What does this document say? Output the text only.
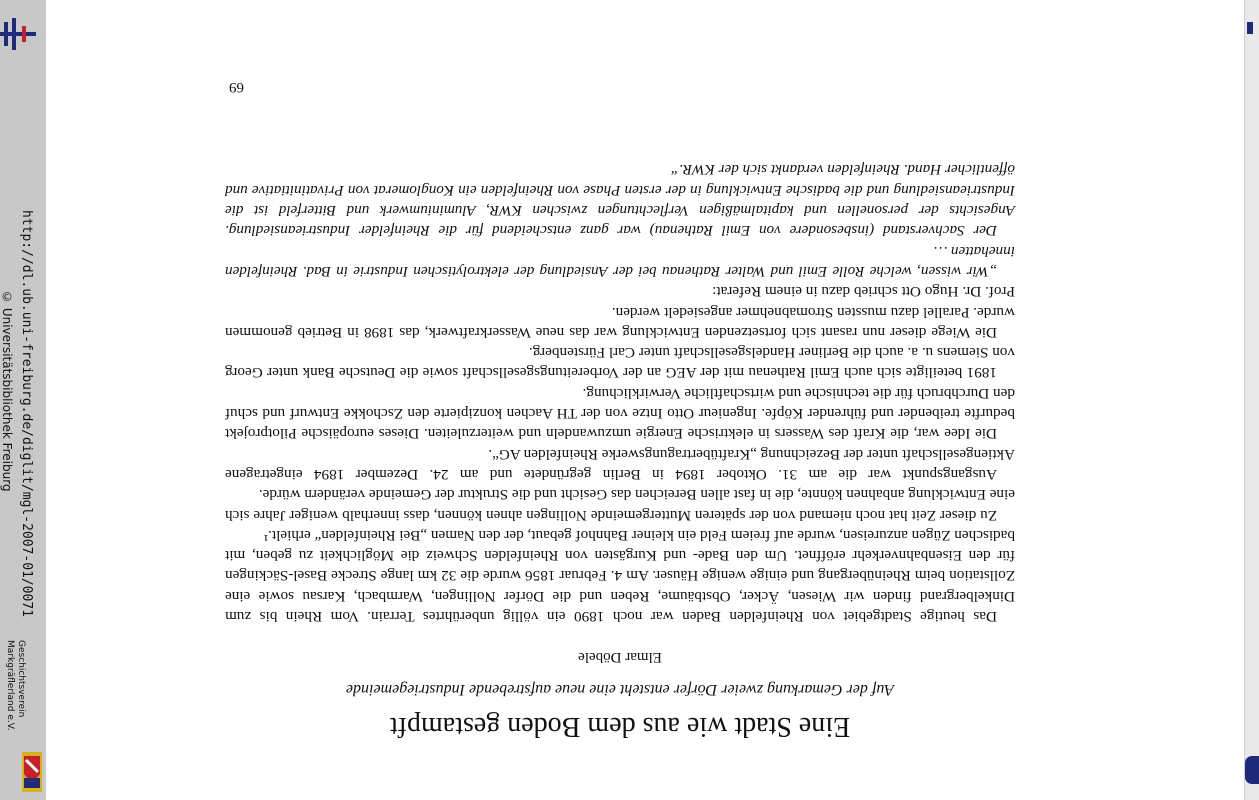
© Universitätsbibliothek Freiburg http://dl.ub.uni-freiburg.de/diglit/mgl-2007-01/0071
Geschichtsverein
Markgräflerland e.V.	Eine Stadt wie aus dem Boden gestampft
Auf der Gemarkung zweier Dörfer entsteht eine neue aufstrebende Industriegemeinde
Elmar Döbele

Das heutige Stadtgebiet von Rheinfelden Baden war noch 1890 ein völlig unberührtes Terrain. Vom Rhein bis zum Dinkelbergrand finden wir Wiesen, Äcker, Obstbäume, Reben und die Dörfer Nollingen, Warmbach, Karsau sowie eine Zollstation beim Rheinübergang und einige wenige Häuser. Am 4. Februar 1856 wurde die 32 km lange Strecke Basel-Säckingen für den Eisenbahnverkehr eröffnet. Um den Bade- und Kurgästen von Rheinfelden Schweiz die Möglichkeit zu geben, mit badischen Zügen anzureisen, wurde auf freiem Feld ein kleiner Bahnhof gebaut, der den Namen „Bei Rheinfelden“ erhielt.¹

Zu dieser Zeit hat noch niemand von der späteren Muttergemeinde Nollingen ahnen können, dass innerhalb weniger Jahre sich eine Entwicklung anbahnen könnte, die in fast allen Bereichen das Gesicht und die Struktur der Gemeinde verändern würde.

Ausgangspunkt war die am 31. Oktober 1894 in Berlin gegründete und am 24. Dezember 1894 eingetragene Aktiengesellschaft unter der Bezeichnung „Kraftübertragungswerke Rheinfelden AG“.

Die Idee war, die Kraft des Wassers in elektrische Energie umzuwandeln und weiterzuleiten. Dieses europäische Pilotprojekt bedurfte treibender und führender Köpfe. Ingenieur Otto Intze von der TH Aachen konzipierte den Zschokke Entwurf und schuf den Durchbruch für die technische und wirtschaftliche Verwirklichung.

1891 beteiligte sich auch Emil Rathenau mit der AEG an der Vorbereitungsgesellschaft sowie die Deutsche Bank unter Georg von Siemens u. a. auch die Berliner Handelsgesellschaft unter Carl Fürstenberg.

Die Wiege dieser nun rasant sich fortsetzenden Entwicklung war das neue Wasserkraftwerk, das 1898 in Betrieb genommen wurde. Parallel dazu mussten Stromabnehmer angesiedelt werden.

Prof. Dr. Hugo Ott schrieb dazu in einem Referat:

„Wir wissen, welche Rolle Emil und Walter Rathenau bei der Ansiedlung der elektrolytischen Industrie in Bad. Rheinfelden innehatten …

Der Sachverstand (insbesondere von Emil Rathenau) war ganz entscheidend für die Rheinfelder Industrieansiedlung. Angesichts der personellen und kapitalmäßigen Verflechtungen zwischen KWR, Aluminiumwerk und Bitterfeld ist die Industrieansiedlung und die badische Entwicklung in der ersten Phase von Rheinfelden ein Konglomerat von Privatinitiative und öffentlicher Hand. Rheinfelden verdankt sich der KWR.“

69
